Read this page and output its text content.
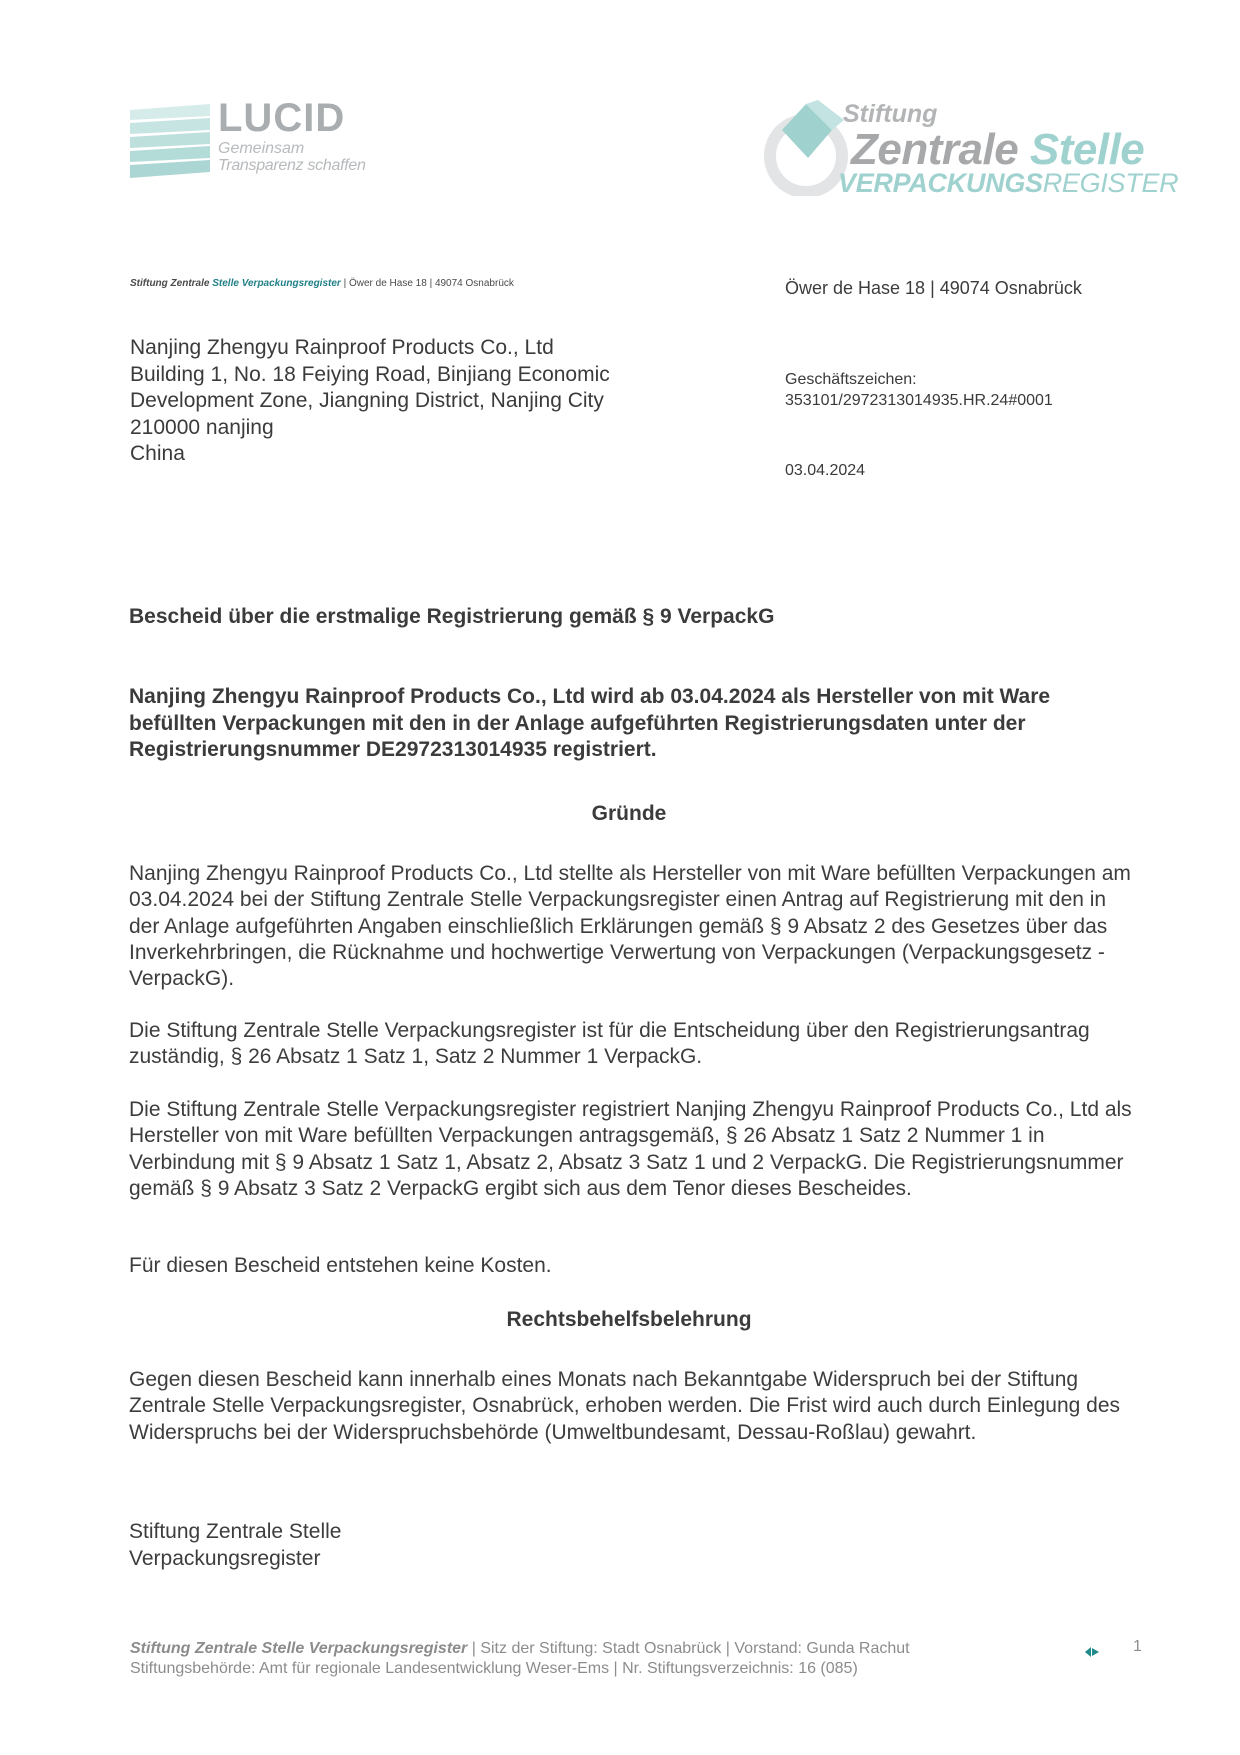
LUCID
Gemeinsam
Transparenz schaffen
Stiftung
Zentrale Stelle
VERPACKUNGSREGISTER
Stiftung Zentrale Stelle Verpackungsregister | Öwer de Hase 18 | 49074 Osnabrück	Öwer de Hase 18 | 49074 Osnabrück
Geschäftszeichen:
353101/2972313014935.HR.24#0001
03.04.2024
Nanjing Zhengyu Rainproof Products Co., Ltd
Building 1, No. 18 Feiying Road, Binjiang Economic
Development Zone, Jiangning District, Nanjing City
210000 nanjing
China
Bescheid über die erstmalige Registrierung gemäß § 9 VerpackG
Nanjing Zhengyu Rainproof Products Co., Ltd wird ab 03.04.2024 als Hersteller von mit Ware befüllten Verpackungen mit den in der Anlage aufgeführten Registrierungsdaten unter der Registrierungsnummer DE2972313014935 registriert.
Gründe
Nanjing Zhengyu Rainproof Products Co., Ltd stellte als Hersteller von mit Ware befüllten Verpackungen am 03.04.2024 bei der Stiftung Zentrale Stelle Verpackungsregister einen Antrag auf Registrierung mit den in der Anlage aufgeführten Angaben einschließlich Erklärungen gemäß § 9 Absatz 2 des Gesetzes über das Inverkehrbringen, die Rücknahme und hochwertige Verwertung von Verpackungen (Verpackungsgesetz - VerpackG).
Die Stiftung Zentrale Stelle Verpackungsregister ist für die Entscheidung über den Registrierungsantrag zuständig, § 26 Absatz 1 Satz 1, Satz 2 Nummer 1 VerpackG.
Die Stiftung Zentrale Stelle Verpackungsregister registriert Nanjing Zhengyu Rainproof Products Co., Ltd als Hersteller von mit Ware befüllten Verpackungen antragsgemäß, § 26 Absatz 1 Satz 2 Nummer 1 in Verbindung mit § 9 Absatz 1 Satz 1, Absatz 2, Absatz 3 Satz 1 und 2 VerpackG. Die Registrierungsnummer gemäß § 9 Absatz 3 Satz 2 VerpackG ergibt sich aus dem Tenor dieses Bescheides.
Für diesen Bescheid entstehen keine Kosten.
Rechtsbehelfsbelehrung
Gegen diesen Bescheid kann innerhalb eines Monats nach Bekanntgabe Widerspruch bei der Stiftung Zentrale Stelle Verpackungsregister, Osnabrück, erhoben werden. Die Frist wird auch durch Einlegung des Widerspruchs bei der Widerspruchsbehörde (Umweltbundesamt, Dessau-Roßlau) gewahrt.
Stiftung Zentrale Stelle
Verpackungsregister
Stiftung Zentrale Stelle Verpackungsregister | Sitz der Stiftung: Stadt Osnabrück | Vorstand: Gunda Rachut
Stiftungsbehörde: Amt für regionale Landesentwicklung Weser-Ems | Nr. Stiftungsverzeichnis: 16 (085)
1
